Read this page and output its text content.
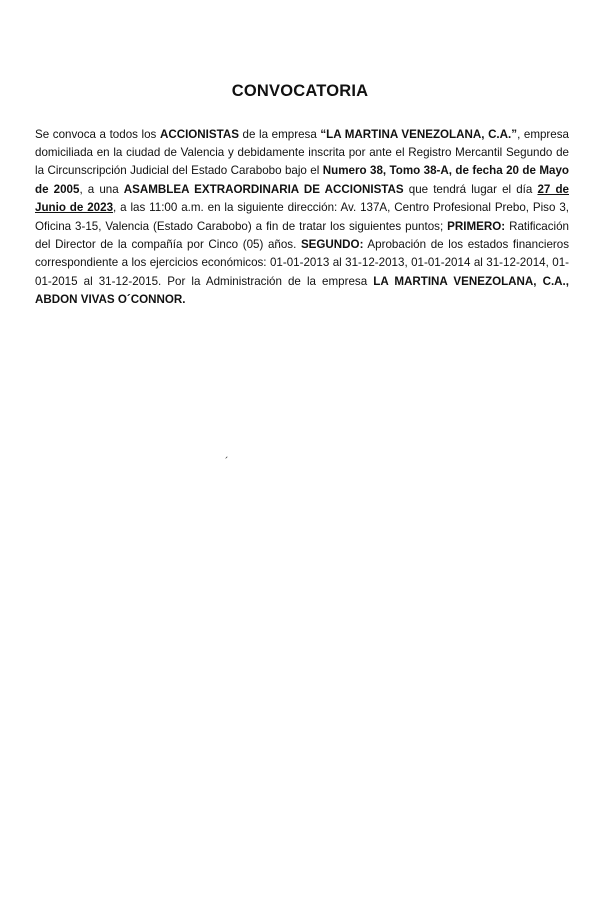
CONVOCATORIA

Se convoca a todos los ACCIONISTAS de la empresa “LA MARTINA VENEZOLANA, C.A.”, empresa domiciliada en la ciudad de Valencia y debidamente inscrita por ante el Registro Mercantil Segundo de la Circunscripción Judicial del Estado Carabobo bajo el Numero 38, Tomo 38-A, de fecha 20 de Mayo de 2005, a una ASAMBLEA EXTRAORDINARIA DE ACCIONISTAS que tendrá lugar el día 27 de Junio de 2023, a las 11:00 a.m. en la siguiente dirección: Av. 137A, Centro Profesional Prebo, Piso 3, Oficina 3-15, Valencia (Estado Carabobo) a fin de tratar los siguientes puntos; PRIMERO: Ratificación del Director de la compañía por Cinco (05) años. SEGUNDO: Aprobación de los estados financieros correspondiente a los ejercicios económicos: 01-01-2013 al 31-12-2013, 01-01-2014 al 31-12-2014, 01-01-2015 al 31-12-2015. Por la Administración de la empresa LA MARTINA VENEZOLANA, C.A., ABDON VIVAS O´CONNOR.

´
